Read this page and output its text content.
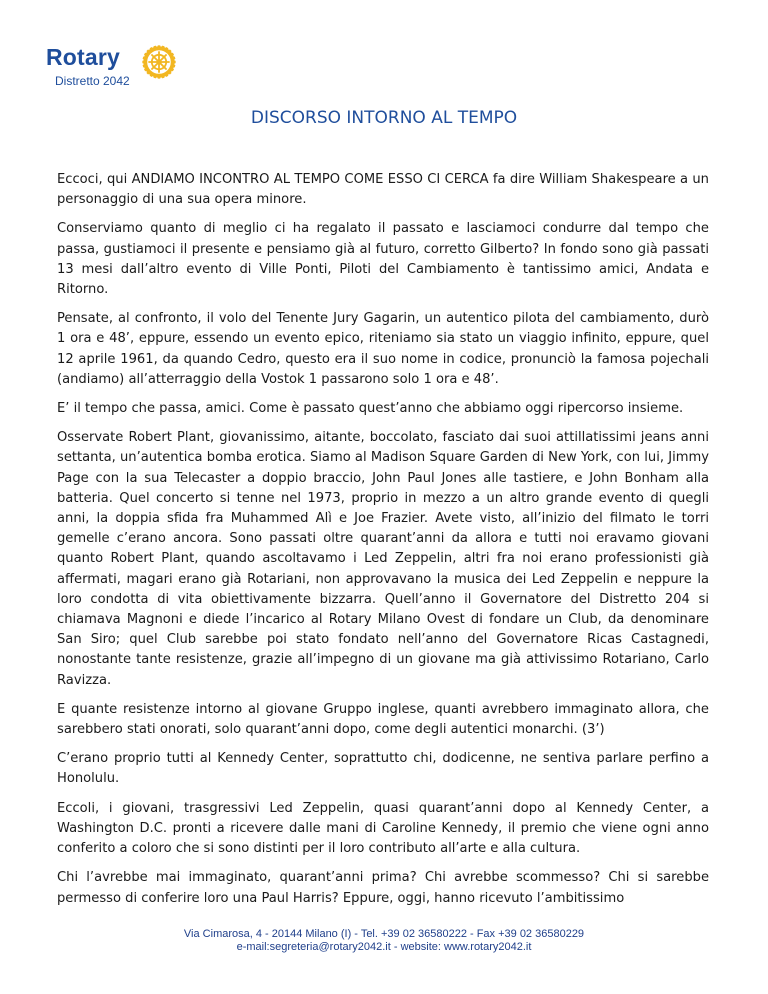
Rotary
Distretto 2042
DISCORSO INTORNO AL TEMPO

Eccoci, qui ANDIAMO INCONTRO AL TEMPO COME ESSO CI CERCA fa dire William Shakespeare a un personaggio di una sua opera minore.

Conserviamo quanto di meglio ci ha regalato il passato e lasciamoci condurre dal tempo che passa, gustiamoci il presente e pensiamo già al futuro, corretto Gilberto? In fondo sono già passati 13 mesi dall’altro evento di Ville Ponti, Piloti del Cambiamento è tantissimo amici, Andata e Ritorno.

Pensate, al confronto, il volo del Tenente Jury Gagarin, un autentico pilota del cambiamento, durò 1 ora e 48’, eppure, essendo un evento epico, riteniamo sia stato un viaggio infinito, eppure, quel 12 aprile 1961, da quando Cedro, questo era il suo nome in codice, pronunciò la famosa pojechali (andiamo) all’atterraggio della Vostok 1 passarono solo 1 ora e 48’.

E’ il tempo che passa, amici. Come è passato quest’anno che abbiamo oggi ripercorso insieme.

Osservate Robert Plant, giovanissimo, aitante, boccolato, fasciato dai suoi attillatissimi jeans anni settanta, un’autentica bomba erotica. Siamo al Madison Square Garden di New York, con lui, Jimmy Page con la sua Telecaster a doppio braccio, John Paul Jones alle tastiere, e John Bonham alla batteria. Quel concerto si tenne nel 1973, proprio in mezzo a un altro grande evento di quegli anni, la doppia sfida fra Muhammed Alì e Joe Frazier. Avete visto, all’inizio del filmato le torri gemelle c’erano ancora. Sono passati oltre quarant’anni da allora e tutti noi eravamo giovani quanto Robert Plant, quando ascoltavamo i Led Zeppelin, altri fra noi erano professionisti già affermati, magari erano già Rotariani, non approvavano la musica dei Led Zeppelin e neppure la loro condotta di vita obiettivamente bizzarra. Quell’anno il Governatore del Distretto 204 si chiamava Magnoni e diede l’incarico al Rotary Milano Ovest di fondare un Club, da denominare San Siro; quel Club sarebbe poi stato fondato nell’anno del Governatore Ricas Castagnedi, nonostante tante resistenze, grazie all’impegno di un giovane ma già attivissimo Rotariano, Carlo Ravizza.

E quante resistenze intorno al giovane Gruppo inglese, quanti avrebbero immaginato allora, che sarebbero stati onorati, solo quarant’anni dopo, come degli autentici monarchi. (3’)

C’erano proprio tutti al Kennedy Center, soprattutto chi, dodicenne, ne sentiva parlare perfino a Honolulu.

Eccoli, i giovani, trasgressivi Led Zeppelin, quasi quarant’anni dopo al Kennedy Center, a Washington D.C. pronti a ricevere dalle mani di Caroline Kennedy, il premio che viene ogni anno conferito a coloro che si sono distinti per il loro contributo all’arte e alla cultura.

Chi l’avrebbe mai immaginato, quarant’anni prima? Chi avrebbe scommesso? Chi si sarebbe permesso di conferire loro una Paul Harris? Eppure, oggi, hanno ricevuto l’ambitissimo

Via Cimarosa, 4 - 20144 Milano (I) - Tel. +39 02 36580222 - Fax +39 02 36580229
e-mail:segreteria@rotary2042.it - website: www.rotary2042.it
